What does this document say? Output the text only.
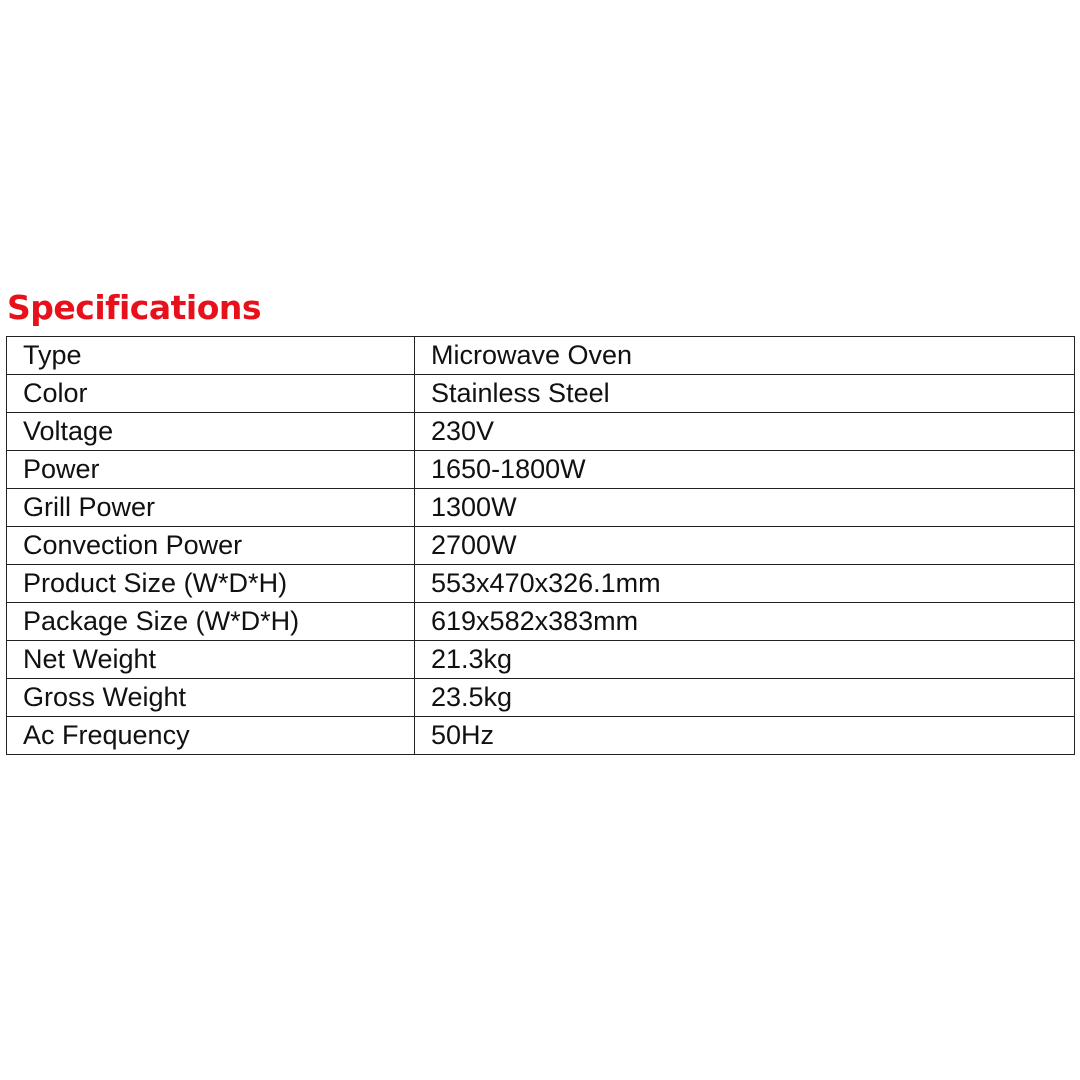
Specifications
Type	Microwave Oven
Color	Stainless Steel
Voltage	230V
Power	1650-1800W
Grill Power	1300W
Convection Power	2700W
Product Size (W*D*H)	553x470x326.1mm
Package Size (W*D*H)	619x582x383mm
Net Weight	21.3kg
Gross Weight	23.5kg
Ac Frequency	50Hz
